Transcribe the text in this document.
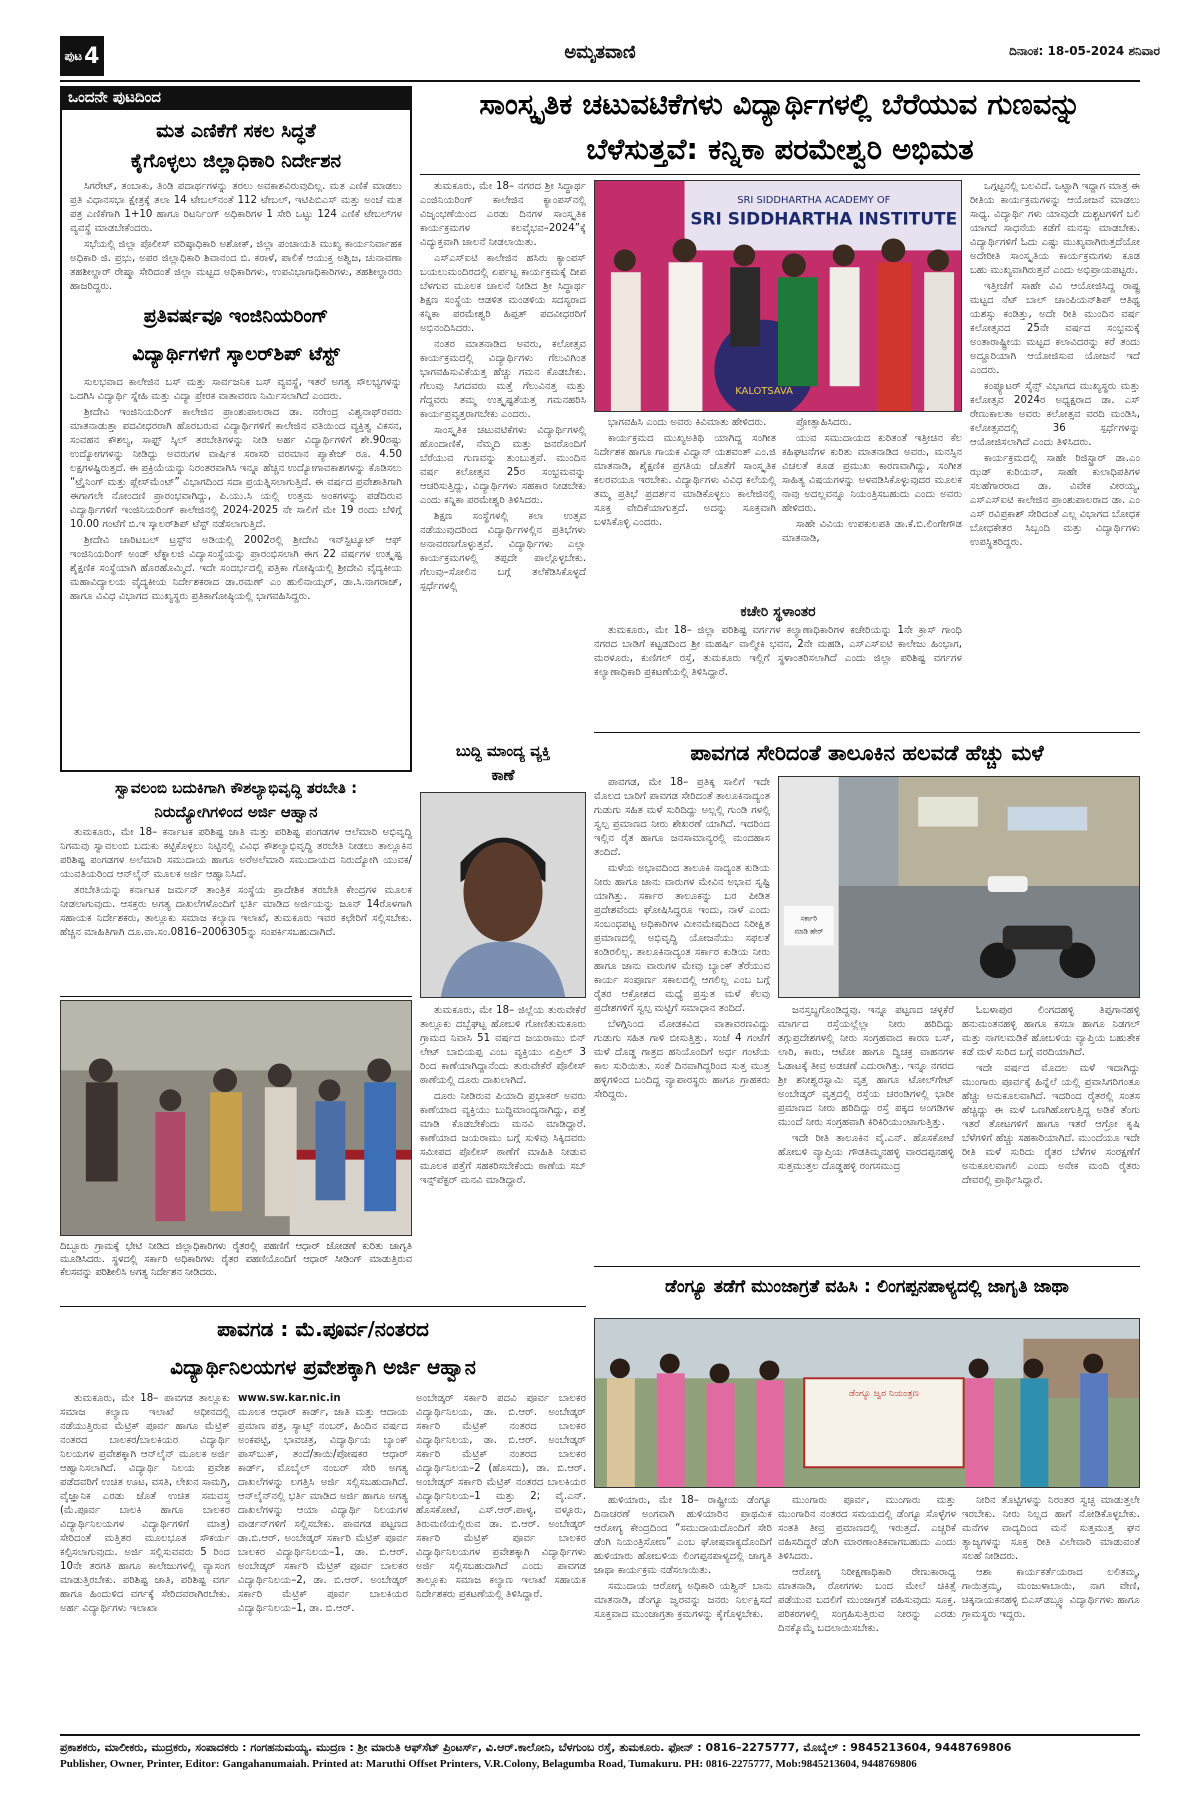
ಪುಟ 4	ಅಮೃತವಾಣಿ	ದಿನಾಂಕ: 18-05-2024 ಶನಿವಾರ
ಒಂದನೇ ಪುಟದಿಂದ
ಮತ ಎಣಿಕೆಗೆ ಸಕಲ ಸಿದ್ಧತೆ
ಕೈಗೊಳ್ಳಲು ಜಿಲ್ಲಾಧಿಕಾರಿ ನಿರ್ದೇಶನ

ಸಿಗರೇಟ್, ತಂಬಾಕು, ತಿಂಡಿ ಪದಾರ್ಥಗಳನ್ನು ತರಲು ಅವಕಾಶವಿರುವುದಿಲ್ಲ. ಮತ ಎಣಿಕೆ ಮಾಡಲು ಪ್ರತಿ ವಿಧಾನಸಭಾ ಕ್ಷೇತ್ರಕ್ಕೆ ತಲಾ 14 ಟೇಬಲ್‌ನಂತೆ 112 ಟೇಬಲ್, ಇಟಿಪಿಬಿಎಸ್ ಮತ್ತು ಅಂಚೆ ಮತ ಪತ್ರ ಎಣಿಕೆಗಾಗಿ 1+10 ಹಾಗೂ ರಿಟರ್ನಿಂಗ್ ಅಧಿಕಾರಿಗಳ 1 ಸೇರಿ ಒಟ್ಟು 124 ಎಣಿಕೆ ಟೇಬಲ್‌ಗಳ ವ್ಯವಸ್ಥೆ ಮಾಡಬೇಕೆಂದರು.

ಸಭೆಯಲ್ಲಿ ಜಿಲ್ಲಾ ಪೊಲೀಸ್ ವರಿಷ್ಠಾಧಿಕಾರಿ ಅಶೋಕ್, ಜಿಲ್ಲಾ ಪಂಚಾಯತಿ ಮುಖ್ಯ ಕಾರ್ಯನಿರ್ವಾಹಕ ಅಧಿಕಾರಿ ಜಿ. ಪ್ರಭು, ಅಪರ ಜಿಲ್ಲಾಧಿಕಾರಿ ಶಿವಾನಂದ ಬಿ. ಕರಾಳೆ, ಪಾಲಿಕೆ ಆಯುಕ್ತ ಅಶ್ವಿಜ, ಚುನಾವಣಾ ತಹಶೀಲ್ದಾರ್ ರೇಷ್ಮಾ ಸೇರಿದಂತೆ ಜಿಲ್ಲಾ ಮಟ್ಟದ ಅಧಿಕಾರಿಗಳು, ಉಪವಿಭಾಗಾಧಿಕಾರಿಗಳು, ತಹಶೀಲ್ದಾರರು ಹಾಜರಿದ್ದರು.

ಪ್ರತಿವರ್ಷವೂ ಇಂಜಿನಿಯರಿಂಗ್
ವಿದ್ಯಾರ್ಥಿಗಳಿಗೆ ಸ್ಕಾಲರ್‌ಶಿಪ್ ಟೆಸ್ಟ್

ಸುಲಭವಾದ ಕಾಲೇಜಿನ ಬಸ್ ಮತ್ತು ಸಾರ್ವಜನಿಕ ಬಸ್ ವ್ಯವಸ್ಥೆ, ಇತರೆ ಅಗತ್ಯ ಸೌಲಭ್ಯಗಳನ್ನು ಒದಗಿಸಿ ವಿದ್ಯಾರ್ಥಿ ಸ್ನೇಹಿ ಮತ್ತು ವಿದ್ಯಾ ಪ್ರೇರಕ ವಾತಾವರಣ ನಿರ್ಮಿಸಲಾಗಿದೆ ಎಂದರು.

ಶ್ರೀದೇವಿ ಇಂಜಿನಿಯರಿಂಗ್ ಕಾಲೇಜಿನ ಪ್ರಾಂಶುಪಾಲರಾದ ಡಾ. ನರೇಂದ್ರ ವಿಶ್ವನಾಥ್‌ರವರು ಮಾತನಾಡುತ್ತಾ ಪದವೀಧರರಾಗಿ ಹೊರಬರುವ ವಿದ್ಯಾರ್ಥಿಗಳಿಗೆ ಕಾಲೇಜಿನ ವತಿಯಿಂದ ವ್ಯಕ್ತಿತ್ವ ವಿಕಸನ, ಸಂವಹನ ಕೌಶಲ್ಯ, ಸಾಫ್ಟ್ ಸ್ಕಿಲ್ ತರಬೇತಿಗಳನ್ನು ನೀಡಿ ಅರ್ಹ ವಿದ್ಯಾರ್ಥಿಗಳಿಗೆ ಶೇ.90ರಷ್ಟು ಉದ್ಯೋಗಗಳನ್ನು ನೀಡಿದ್ದು ಅವರುಗಳ ವಾರ್ಷಿಕ ಸರಾಸರಿ ವರಮಾನ ಪ್ಯಾಕೇಜ್ ರೂ. 4.50 ಲಕ್ಷಗಳಷ್ಟಿರುತ್ತದೆ. ಈ ಪ್ರಕ್ರಿಯೆಯನ್ನು ನಿರಂತರವಾಗಿಸಿ ಇನ್ನೂ ಹೆಚ್ಚಿನ ಉದ್ಯೋಗಾವಕಾಶಗಳನ್ನು ಕೊಡಿಸಲು “ಟ್ರೈನಿಂಗ್ ಮತ್ತು ಪ್ಲೇಸ್‌ಮೆಂಟ್” ವಿಭಾಗದಿಂದ ಸದಾ ಪ್ರಯತ್ನಿಸಲಾಗುತ್ತಿದೆ. ಈ ವರ್ಷದ ಪ್ರವೇಶಾತಿಗಾಗಿ ಈಗಾಗಲೇ ನೋಂದಣಿ ಪ್ರಾರಂಭವಾಗಿದ್ದು, ಪಿ.ಯು.ಸಿ ಯಲ್ಲಿ ಉತ್ತಮ ಅಂಕಗಳನ್ನು ಪಡೆದಿರುವ ವಿದ್ಯಾರ್ಥಿಗಳಿಗೆ ಇಂಜಿನಿಯರಿಂಗ್ ಕಾಲೇಜಿನಲ್ಲಿ 2024-2025 ನೇ ಸಾಲಿಗೆ ಮೇ 19 ರಂದು ಬೆಳಿಗ್ಗೆ 10.00 ಗಂಟೆಗೆ ಬಿ.ಇ ಸ್ಕಾಲರ್‌ಶಿಪ್ ಟೆಸ್ಟ್ ನಡೆಸಲಾಗುತ್ತಿದೆ.

ಶ್ರೀದೇವಿ ಚಾರಿಟಬಲ್ ಟ್ರಸ್ಟ್‌ನ ಅಡಿಯಲ್ಲಿ 2002ರಲ್ಲಿ ಶ್ರೀದೇವಿ ಇನ್‌ಸ್ಟಿಟ್ಯೂಟ್ ಆಫ್ ಇಂಜಿನಿಯರಿಂಗ್ ಅಂಡ್ ಟೆಕ್ನಾಲಜಿ ವಿದ್ಯಾಸಂಸ್ಥೆಯನ್ನು ಪ್ರಾರಂಭಿಸಲಾಗಿ ಈಗ 22 ವರ್ಷಗಳ ಉತ್ಕೃಷ್ಟ ಶೈಕ್ಷಣಿಕ ಸಂಸ್ಥೆಯಾಗಿ ಹೊರಹೊಮ್ಮಿದೆ. ಇದೇ ಸಂದರ್ಭದಲ್ಲಿ ಪತ್ರಿಕಾ ಗೋಷ್ಠಿಯಲ್ಲಿ ಶ್ರೀದೇವಿ ವೈದ್ಯಕೀಯ ಮಹಾವಿದ್ಯಾಲಯ ವೈದ್ಯಕೀಯ ನಿರ್ದೇಶಕರಾದ ಡಾ.ರಮಣ್ ಎಂ ಹುಲಿನಾಯ್ಕರ್, ಡಾ.ಸಿ.ನಾಗರಾಜ್, ಹಾಗೂ ವಿವಿಧ ವಿಭಾಗದ ಮುಖ್ಯಸ್ಥರು ಪ್ರತಿಕಾಗೋಷ್ಠಿಯಲ್ಲಿ ಭಾಗವಹಿಸಿದ್ದರು.

ಸ್ವಾವಲಂಬಿ ಬದುಕಿಗಾಗಿ ಕೌಶಲ್ಯಾಭಿವೃದ್ಧಿ ತರಬೇತಿ :
ನಿರುದ್ಯೋಗಿಗಳಿಂದ ಅರ್ಜಿ ಆಹ್ವಾನ

ತುಮಕೂರು, ಮೇ 18– ಕರ್ನಾಟಕ ಪರಿಶಿಷ್ಟ ಜಾತಿ ಮತ್ತು ಪರಿಶಿಷ್ಟ ಪಂಗಡಗಳ ಆಲೆಮಾರಿ ಅಭಿವೃದ್ಧಿ ನಿಗಮವು ಸ್ವಾವಲಂಬಿ ಬದುಕು ಕಟ್ಟಿಕೊಳ್ಳಲು ನಿಟ್ಟಿನಲ್ಲಿ ವಿವಿಧ ಕೌಶಲ್ಯಾಭಿವೃದ್ಧಿ ತರಬೇತಿ ನೀಡಲು ತಾಲ್ಲೂಕಿನ ಪರಿಶಿಷ್ಟ ಪಂಗಡಗಳ ಅಲೆಮಾರಿ ಸಮುದಾಯ ಹಾಗೂ ಅರೆಅಲೆಮಾರಿ ಸಮುದಾಯದ ನಿರುದ್ಯೋಗಿ ಯುವಕ/ಯುವತಿಯರಿಂದ ಆನ್‌ಲೈನ್ ಮೂಲಕ ಅರ್ಜಿ ಆಹ್ವಾನಿಸಿದೆ.

ತರಬೇತಿಯನ್ನು ಕರ್ನಾಟಕ ಜರ್ಮನ್ ತಾಂತ್ರಿಕ ಸಂಸ್ಥೆಯ ಪ್ರಾದೇಶಿಕ ತರಬೇತಿ ಕೇಂದ್ರಗಳ ಮೂಲಕ ನೀಡಲಾಗುವುದು. ಆಸಕ್ತರು ಅಗತ್ಯ ದಾಖಲೆಗಳೊಂದಿಗೆ ಭರ್ತಿ ಮಾಡಿದ ಅರ್ಜಿಯನ್ನು ಜೂನ್ 14ರೊಳಗಾಗಿ ಸಹಾಯಕ ನಿರ್ದೇಶಕರು, ತಾಲ್ಲೂಕು ಸಮಾಜ ಕಲ್ಯಾಣ ಇಲಾಖೆ, ತುಮಕೂರು ಇವರ ಕಛೇರಿಗೆ ಸಲ್ಲಿಸಬೇಕು. ಹೆಚ್ಚಿನ ಮಾಹಿತಿಗಾಗಿ ದೂ.ವಾ.ಸಂ.0816–2006305ನ್ನು ಸಂಪರ್ಕಿಸಬಹುದಾಗಿದೆ.

ದಿಬ್ಬೂರು ಗ್ರಾಮಕ್ಕೆ ಭೇಟಿ ನೀಡಿದ ಜಿಲ್ಲಾಧಿಕಾರಿಗಳು ರೈತರಲ್ಲಿ ಪಹಣಿಗೆ ಆಧಾರ್ ಜೋಡಣೆ ಕುರಿತು ಜಾಗೃತಿ ಮೂಡಿಸಿದರು. ಸ್ಥಳದಲ್ಲಿ ಸರ್ಕಾರಿ ಅಧಿಕಾರಿಗಳು ರೈತರ ಪಹಣಿಯೊಂದಿಗೆ ಆಧಾರ್ ಸೀಡಿಂಗ್ ಮಾಡುತ್ತಿರುವ ಕೆಲಸವನ್ನು ಪರಿಶೀಲಿಸಿ ಅಗತ್ಯ ನಿರ್ದೇಶನ ನೀಡಿದರು.
ಸಾಂಸ್ಕೃತಿಕ ಚಟುವಟಿಕೆಗಳು ವಿದ್ಯಾರ್ಥಿಗಳಲ್ಲಿ ಬೆರೆಯುವ ಗುಣವನ್ನು ಬೆಳೆಸುತ್ತವೆ: ಕನ್ನಿಕಾ ಪರಮೇಶ್ವರಿ ಅಭಿಮತ

ತುಮಕೂರು, ಮೇ 18– ನಗರದ ಶ್ರೀ ಸಿದ್ಧಾರ್ಥ ಎಂಜಿನಿಯರಿಂಗ್ ಕಾಲೇಜಿನ ಕ್ಯಾಂಪಸ್‌ನಲ್ಲಿ ವಿಜೃಂಭಣೆಯಿಂದ ಎರಡು ದಿನಗಳ ಸಾಂಸ್ಕೃತಿಕ ಕಾರ್ಯಕ್ರಮಗಳ ಕಲವೈಭವ–2024”ಕ್ಕೆ ವಿದ್ಯುಕ್ತವಾಗಿ ಚಾಲನೆ ನೀಡಲಾಯಿತು.

ಎಸ್‌ಎಸ್‌ಐಟಿ ಕಾಲೇಜಿನ ಹಸಿರು ಕ್ಯಾಂಪಸ್ ಬಯಲುಮಂದಿರದಲ್ಲಿ ಏರ್ಪಟ್ಟ ಕಾರ್ಯಕ್ರಮಕ್ಕೆ ದೀಪ ಬೆಳಗುವ ಮೂಲಕ ಚಾಲನೆ ನೀಡಿದ ಶ್ರೀ ಸಿದ್ಧಾರ್ಥ ಶಿಕ್ಷಣ ಸಂಸ್ಥೆಯ ಆಡಳಿತ ಮಂಡಳಿಯ ಸದಸ್ಯರಾದ ಕನ್ನಿಕಾ ಪರಮೇಶ್ವರಿ ಹಿಪ್ಪತ್ ಪದವೀಧರರಿಗೆ ಅಭಿನಂದಿಸಿದರು.

ನಂತರ ಮಾತನಾಡಿದ ಅವರು, ಕಲೋತ್ಸವ ಕಾರ್ಯಕ್ರಮದಲ್ಲಿ ವಿದ್ಯಾರ್ಥಿಗಳು ಗೆಲುವಿಗಿಂತ ಭಾಗವಹಿಸುವಿಕೆಯತ್ತ ಹೆಚ್ಚು ಗಮನ ಕೊಡಬೇಕು. ಗೆಲುವು ಸಿಗದವರು ಮತ್ತೆ ಗೆಲುವಿನತ್ತ ಮತ್ತು ಗೆದ್ದವರು ತಮ್ಮ ಉತ್ಕೃಷ್ಟತೆಯತ್ತ ಗಮನಹರಿಸಿ ಕಾರ್ಯಪ್ರವೃತ್ತರಾಗಬೇಕು ಎಂದರು.

ಸಾಂಸ್ಕೃತಿಕ ಚಟುವಟಿಕೆಗಳು ವಿದ್ಯಾರ್ಥಿಗಳಲ್ಲಿ ಹೊಂದಾಣಿಕೆ, ನೆಮ್ಮದಿ ಮತ್ತು ಜನರೊಂದಿಗೆ ಬೆರೆಯುವ ಗುಣವನ್ನು ತುಂಬುತ್ತವೆ. ಮುಂದಿನ ವರ್ಷ ಕಲೋತ್ಸವ 25ರ ಸಂಭ್ರಮವನ್ನು ಆಚರಿಸುತ್ತಿದ್ದು, ವಿದ್ಯಾರ್ಥಿಗಳು ಸಹಕಾರ ನೀಡಬೇಕು ಎಂದು ಕನ್ನಿಕಾ ಪರಮೇಶ್ವರಿ ತಿಳಿಸಿದರು.

ಶಿಕ್ಷಣ ಸಂಸ್ಥೆಗಳಲ್ಲಿ ಕಲಾ ಉತ್ಸವ ನಡೆಯುವುದರಿಂದ ವಿದ್ಯಾರ್ಥಿಗಳಲ್ಲಿನ ಪ್ರತಿಭೆಗಳು ಅನಾವರಣಗೊಳ್ಳುತ್ತವೆ. ವಿದ್ಯಾರ್ಥಿಗಳು ಎಲ್ಲಾ ಕಾರ್ಯಕ್ರಮಗಳಲ್ಲಿ ತಪ್ಪದೇ ಪಾಲ್ಗೊಳ್ಳಬೇಕು. ಗೆಲುವು–ಸೋಲಿನ ಬಗ್ಗೆ ತಲೆಕೆಡಿಸಿಕೊಳ್ಳದೆ ಸ್ಪರ್ಧೆಗಳಲ್ಲಿ

SRI SIDDHARTHA ACADEMY OF
SRI SIDDHARTHA INSTITUTE
KALOTSAVA

ಭಾಗವಹಿಸಿ ಎಂದು ಅವರು ಕಿವಿಮಾತು ಹೇಳಿದರು.

ಕಾರ್ಯಕ್ರಮದ ಮುಖ್ಯಅತಿಥಿ ಯಾಗಿದ್ದ ಸಂಗೀತ ನಿರ್ದೇಶಕ ಹಾಗೂ ಗಾಯಕ ವಿದ್ವಾನ್ ಯಶವಂತ್ ಎಂ.ಜಿ ಮಾತನಾಡಿ, ಶೈಕ್ಷಣಿಕ ಪ್ರಗತಿಯ ಜೊತೆಗೆ ಸಾಂಸ್ಕೃತಿಕ ಕಲರವಯೂ ಇರಬೇಕು. ವಿದ್ಯಾರ್ಥಿಗಳು ವಿವಿಧ ಕಲೆಯಲ್ಲಿ ತಮ್ಮ ಪ್ರತಿಭೆ ಪ್ರದರ್ಶನ ಮಾಡಿಕೊಳ್ಳಲು ಕಾಲೇಜಿನಲ್ಲಿ ಸೂಕ್ತ ವೇದಿಕೆಯಾಗುತ್ತದೆ. ಅದನ್ನು ಸೂಕ್ತವಾಗಿ ಬಳಸಿಕೊಳ್ಳಿ ಎಂದರು.

ಪ್ರೋತ್ಸಾಹಿಸಿದರು.

ಯುವ ಸಮುದಾಯದ ಕುರಿತಂತೆ ಇತ್ತೀಚಿನ ಕೆಲ ಕಹಿಘಟನೆಗಳ ಕುರಿತು ಮಾತನಾಡಿದ ಅವರು, ಮನಸ್ಸಿನ ವಿಚಲತೆ ಕೂಡ ಪ್ರಮುಖ ಕಾರಣವಾಗಿದ್ದು, ಸಂಗೀತ ಸಾಹಿತ್ಯ ವಿಷಯಗಳನ್ನು ಅಳವಡಿಸಿಕೊಳ್ಳುವುದರ ಮೂಲಕ ನಾವು ಅದಲ್ಲವನ್ನೂ ನಿಯಂತ್ರಿಸಬಹುದು ಎಂದು ಅವರು ಹೇಳಿದರು.

ಸಾಹೇ ವಿವಿಯ ಉಪಕುಲಪತಿ ಡಾ.ಕೆ.ಬಿ.ಲಿಂಗೇಗೌಡ ಮಾತನಾಡಿ,

ಒಗ್ಗಟ್ಟನಲ್ಲಿ ಬಲವಿದೆ. ಒಟ್ಟಾಗಿ ಇದ್ದಾಗ ಮಾತ್ರ ಈ ರೀತಿಯ ಕಾರ್ಯಕ್ರಮಗಳನ್ನು ಆಯೋಜನೆ ಮಾಡಲು ಸಾಧ್ಯ. ವಿದ್ಯಾರ್ಥಿ ಗಳು ಯಾವುದೇ ದುಶ್ಚಟಗಳಿಗೆ ಬಲಿ ಯಾಗದೆ ಸಾಧನೆಯ ಕಡೆಗೆ ಮನಸ್ಸು ಮಾಡಬೇಕು. ವಿದ್ಯಾರ್ಥಿಗಳಿಗೆ ಓದು ಎಷ್ಟು ಮುಖ್ಯವಾಗಿರುತ್ತದೆಯೋ ಅದೇರೀತಿ ಸಾಂಸ್ಕೃತಿಯ ಕಾರ್ಯಕ್ರಮಗಳು ಕೂಡ ಬಹು ಮುಖ್ಯವಾಗಿರುತ್ತವೆ ಎಂದು ಅಭಿಪ್ರಾಯಪಟ್ಟರು.

ಇತ್ತೀಚೆಗೆ ಸಾಹೇ ವಿವಿ ಆಯೋಜಿಸಿದ್ದ ರಾಷ್ಟ್ರ ಮಟ್ಟದ ನೆಟ್ ಬಾಲ್ ಚಾಂಪಿಯನ್‌ಶಿಪ್ ಆತಿಥ್ಯ ಯಶಸ್ಸು ಕಂಡಿತ್ತು, ಅದೇ ರೀತಿ ಮುಂದಿನ ವರ್ಷ ಕಲೋತ್ಸವದ 25ನೇ ವರ್ಷದ ಸಂಭ್ರಮಕ್ಕೆ ಅಂತಾರಾಷ್ಟ್ರೀಯ ಮಟ್ಟದ ಕಲಾವಿದರನ್ನು ಕರೆ ತಂದು ಅದ್ದೂರಿಯಾಗಿ ಆಯೋಜಿಸುವ ಯೋಜನೆ ಇದೆ ಎಂದರು.

ಕಂಪ್ಯೂಟರ್ ಸೈನ್ಸ್ ವಿಭಾಗದ ಮುಖ್ಯಸ್ಥರು ಮತ್ತು ಕಲೋತ್ಸವ 2024ರ ಅಧ್ಯಕ್ಷರಾದ ಡಾ. ಎಸ್ ರೇಣುಕಾಲತಾ ಅವರು ಕಲೋತ್ಸವ ವರದಿ ಮಂಡಿಸಿ, ಕಲೋತ್ಸವದಲ್ಲಿ 36 ಸ್ಪರ್ಧೆಗಳನ್ನು ಆಯೋಜಿಸಲಾಗಿದೆ ಎಂದು ತಿಳಿಸಿದರು.

ಕಾರ್ಯಕ್ರಮದಲ್ಲಿ ಸಾಹೇ ರಿಜಿಸ್ಟ್ರಾರ್ ಡಾ.ಎಂ ಝಡ್ ಕುರಿಯನ್, ಸಾಹೇ ಕುಲಾಧಿಪತಿಗಳ ಸಲಹೆಗಾರರಾದ ಡಾ. ವಿವೇಕ ವೀರಯ್ಯ, ಎಸ್‌ಎಸ್‌ಐಟಿ ಕಾಲೇಜಿನ ಪ್ರಾಂಶುಪಾಲರಾದ ಡಾ. ಎಂ ಎಸ್ ರವಿಪ್ರಕಾಶ್ ಸೇರಿದಂತೆ ಎಲ್ಲ ವಿಭಾಗದ ಬೋಧಕ ಬೋಧಕೇತರ ಸಿಬ್ಬಂದಿ ಮತ್ತು ವಿದ್ಯಾರ್ಥಿಗಳು ಉಪಸ್ಥಿತರಿದ್ದರು.

ಕಚೇರಿ ಸ್ಥಳಾಂತರ
ತುಮಕೂರು, ಮೇ 18– ಜಿಲ್ಲಾ ಪರಿಶಿಷ್ಟ ವರ್ಗಗಳ ಕಲ್ಯಾಣಾಧಿಕಾರಿಗಳ ಕಚೇರಿಯನ್ನು 1ನೇ ಕ್ರಾಸ್ ಗಾಂಧಿ ನಗರದ ಬಾಡಿಗೆ ಕಟ್ಟಡದಿಂದ ಶ್ರೀ ಮಹರ್ಷಿ ವಾಲ್ಮೀಕಿ ಭವನ, 2ನೇ ಮಹಡಿ, ಎಸ್‌ಎಸ್‌ಐಟಿ ಕಾಲೇಜು ಹಿಂಭಾಗ, ಮರಳೂರು, ಕುಣಿಗಲ್ ರಸ್ತೆ, ತುಮಕೂರು ಇಲ್ಲಿಗೆ ಸ್ಥಳಾಂತರಿಸಲಾಗಿದೆ ಎಂದು ಜಿಲ್ಲಾ ಪರಿಶಿಷ್ಟ ವರ್ಗಗಳ ಕಲ್ಯಾಣಾಧಿಕಾರಿ ಪ್ರಕಟಣೆಯಲ್ಲಿ ತಿಳಿಸಿದ್ದಾರೆ.
ಬುದ್ಧಿ ಮಾಂದ್ಯ ವ್ಯಕ್ತಿ
ಕಾಣೆ

ತುಮಕೂರು, ಮೇ 18– ಜಿಲ್ಲೆಯ ತುರುವೇಕೆರೆ ತಾಲ್ಲೂಕು ದಬ್ಬೆಘಟ್ಟ ಹೋಬಳಿ ಗೋಣಿತುಮಕೂರು ಗ್ರಾಮದ ನಿವಾಸಿ 51 ವರ್ಷದ ಜಯರಾಮು ಬಿನ್ ಲೇಟ್ ಬಾಬಿಯಪ್ಪ ಎಂಬ ವ್ಯಕ್ತಿಯು ಏಪ್ರಿಲ್ 3 ರಿಂದ ಕಾಣೆಯಾಗಿದ್ದಾನೆಂದು ತುರುವೇಕೆರೆ ಪೊಲೀಸ್ ಠಾಣೆಯಲ್ಲಿ ದೂರು ದಾಖಲಾಗಿದೆ.

ದೂರು ನೀಡಿರುವ ಪಿಯಾದಿ ಪ್ರಭಾಕರ್ ಅವರು ಕಾಣೆಯಾದ ವ್ಯಕ್ತಿಯು ಬುದ್ಧಿಮಾಂದ್ಯನಾಗಿದ್ದು, ಪತ್ತೆ ಮಾಡಿ ಕೊಡಬೇಕೆಂದು ಮನವಿ ಮಾಡಿದ್ದಾರೆ. ಕಾಣೆಯಾದ ಜಯರಾಮು ಬಗ್ಗೆ ಸುಳಿವು ಸಿಕ್ಕಿದವರು ಸಮೀಪದ ಪೊಲೀಸ್ ಠಾಣೆಗೆ ಮಾಹಿತಿ ನೀಡುವ ಮೂಲಕ ಪತ್ತೆಗೆ ಸಹಕರಿಸಬೇಕೆಂದು ಠಾಣೆಯ ಸಬ್ ಇನ್ಸ್‌ಪೆಕ್ಟರ್ ಮನವಿ ಮಾಡಿದ್ದಾರೆ.

ಪಾವಗಡ ಸೇರಿದಂತೆ ತಾಲೂಕಿನ ಹಲವಡೆ ಹೆಚ್ಚು ಮಳೆ

ಪಾವಗಡ, ಮೇ 18– ಪ್ರತಿಕ್ಕ ಸಾಲಿಗೆ ಇದೇ ಮೊಲದ ಬಾರಿಗೆ ಪಾವಗಡ ಸೇರಿದಂತೆ ತಾಲೂಕಿನಾದ್ಯಂತ ಗುಡುಗು ಸಹಿತ ಮಳೆ ಸುರಿದಿದ್ದು ಅಲ್ಲಲ್ಲಿ ಗುಂಡಿ ಗಳಲ್ಲಿ ಸ್ವಲ್ಪ ಪ್ರಮಾಣದ ನೀರು ಶೇಖರಣೆ ಯಾಗಿದೆ. ಇದರಿಂದ ಇಲ್ಲಿನ ರೈತ ಹಾಗೂ ಜನಸಾಮಾನ್ಯರಲ್ಲಿ ಮಂದಹಾಸ ತಂದಿದೆ.

ಮಳೆಯ ಅಭಾವದಿಂದ ತಾಲೂಕಿ ನಾದ್ಯಂತ ಕುಡಿಯ ನೀರು ಹಾಗೂ ಜಾನು ವಾರುಗಳ ಮೇವಿನ ಅಭಾವ ಸೃಷ್ಟಿ ಯಾಗಿತ್ತು. ಸರ್ಕಾರ ತಾಲೂಕನ್ನು ಬರ ಪೀಡಿತ ಪ್ರದೇಶವೆಂದು ಘೋಷಿಸಿದ್ದರೂ ಇಂದು, ನಾಳೆ ಎಂದು ಸಂಬಂಧಪಟ್ಟ ಅಧಿಕಾರಿಗಳ ಮೀನಮೇಷದಿಂದ ನಿರೀಕ್ಷಿತ ಪ್ರಮಾಣದಲ್ಲಿ ಅಭಿವೃದ್ಧಿ ಯೋಜನೆಯು ಸಫಲತೆ ಕಂಡಿರಲಿಲ್ಲ. ತಾಲೂಕಿನಾದ್ಯಂತ ಸರ್ಕಾರ ಕುಡಿಯ ನೀರು ಹಾಗೂ ಜಾನು ವಾರುಗಳ ಮೇವು ಬ್ಯಾಂಕ್ ತೆರೆಯುವ ಕಾರ್ಯ ಸಂಪೂರ್ಣ ಸಕಾಲದಲ್ಲಿ ಆಗಲಿಲ್ಲ ಎಂಬ ಬಗ್ಗೆ ರೈತರ ಆಕ್ರೋಶದ ಮಧ್ಯೆ ಪ್ರಸ್ತುತ ಮಳೆ ಕೆಲವು ಪ್ರದೇಶಗಳಿಗೆ ಸ್ವಲ್ಪ ಮಟ್ಟಿಗೆ ಸಮಾಧಾನ ತಂದಿದೆ.

ಬೆಳಗ್ಗಿನಿಂದ ಮೋಡಕವಿದ ವಾತಾವರಣವಿದ್ದು ಗುಡುಗು ಸಹಿತ ಗಾಳಿ ಬೀಸುತ್ತಿತ್ತು. ಸಂಜೆ 4 ಗಂಟೆಗೆ ಮಳೆ ದೊಡ್ಡ ಗಾತ್ರದ ಹನಿಯೊಂದಿಗೆ ಅರ್ಧ ಗಂಟೆಯ ಕಾಲ ಸುರಿಯಿತು. ಸಂತೆ ದಿನವಾಗಿದ್ದರಿಂದ ಸುತ್ತ ಮುತ್ತ ಹಳ್ಳಿಗಳಿಂದ ಬಂದಿದ್ದ ವ್ಯಾಪಾರಸ್ಥರು ಹಾಗೂ ಗ್ರಾಹಕರು ಸೇರಿದ್ದರು.

ಸರ್ಕಾರಿ
ಮಾಡಿ ಹೇರ್

ಜನಸ್ತಬ್ಧಗೊಂಡಿದ್ದವು. ಇನ್ನೂ ಪಟ್ಟಣದ ಚಳ್ಳಕೆರೆ ಮಾರ್ಗದ ರಸ್ತೆಯಲ್ಲೆಲ್ಲಾ ನೀರು ಹರಿದಿದ್ದು ತಗ್ಗುಪ್ರದೇಶಗಳಲ್ಲಿ ನೀರು ಸಂಗ್ರಹವಾದ ಕಾರಣ ಬಸ್, ಲಾರಿ, ಕಾರು, ಆಟೋ ಹಾಗೂ ದ್ವಿಚಕ್ರ ವಾಹನಗಳ ಓಡಾಟಕ್ಕೆ ತೀವ್ರ ಅಡಚಣೆ ಎದುರಾಗಿತ್ತು. ಇನ್ನೂ ನಗರದ ಶ್ರೀ ಶನೀಶ್ವರಸ್ವಾಮಿ ವೃತ್ತ ಹಾಗೂ ಟೋಲ್‌ಗೇಟ್ ಅಂಬೇಡ್ಕರ್ ವೃತ್ತದಲ್ಲಿ ರಸ್ತೆಯ ಚರಂಡಿಗಳಲ್ಲಿ ಭಾರೀ ಪ್ರಮಾಣದ ನೀರು ಹರಿದಿದ್ದು ರಸ್ತೆ ಪಕ್ಕದ ಅಂಗಡಿಗಳ ಮುಂದೆ ನೀರು ಸಂಗ್ರಹವಾಗಿ ಕಿರಿಕಿರಿಯುಂಟಾಗುತ್ತಿತ್ತು.

ಇದೇ ರೀತಿ ತಾಲೂಕಿನ ವೈ.ಎನ್. ಹೊಸಕೋಟೆ ಹೋಬಳಿ ವ್ಯಾಪ್ತಿಯ ಗೌಡತಿಮ್ಮನಹಳ್ಳಿ ವಾರದಪ್ಪನಹಳ್ಳಿ ಸುತ್ತಮುತ್ತಲ ದೊಡ್ಡಹಳ್ಳಿ ರಂಗಸಮುದ್ರ

ಓಬಳಾಪುರ ಲಿಂಗದಹಳ್ಳಿ ತಿಪ್ಪಗಾನಹಳ್ಳಿ ಹನುಮಂತನಹಳ್ಳಿ ಹಾಗೂ ಕಸಬಾ ಹಾಗೂ ನಿಡಗಲ್ ಮತ್ತು ನಾಗಲಮಡಿಕೆ ಹೋಬಳಿಯ ವ್ಯಾಪ್ತಿಯ ಬಹುತೇಕ ಕಡೆ ಮಳೆ ಸುರಿದ ಬಗ್ಗೆ ವರದಿಯಾಗಿದೆ.

ಇದೇ ವರ್ಷದ ಮೊದಲ ಮಳೆ ಇದಾಗಿದ್ದು ಮುಂಗಾರು ಪೂರ್ವಕ್ಕೆ ಹಿನ್ನೆಲೆ ಯಲ್ಲಿ ಪ್ರವಾಸಿಗರಿಗಂತೂ ಹೆಚ್ಚು ಅನುಕೂಲವಾಗಿದೆ. ಇದರಿಂದ ರೈತರಲ್ಲಿ ಸಂತಸ ಹೆಚ್ಚಿದ್ದು ಈ ಮಳೆ ಒಣಗಿಹೋಗುತ್ತಿದ್ದ ಅಡಿಕೆ ತೆಂಗು ಇತರೆ ತೋಟಗಳಿಗೆ ಹಾಗೂ ಇತರೆ ಆಗ್ರೋ ಕೃಷಿ ಬೆಳೆಗಳಿಗೆ ಹೆಚ್ಚು ಸಹಕಾರಿಯಾಗಿದೆ. ಮುಂದೆಯೂ ಇದೇ ರೀತಿ ಮಳೆ ಸುರಿದು ರೈತರ ಬೆಳೆಗಳ ಸಂರಕ್ಷಣೆಗೆ ಅನುಕೂಲವಾಗಲಿ ಎಂದು ಅನೇಕ ಮಂದಿ ರೈತರು ದೇವರಲ್ಲಿ ಪ್ರಾರ್ಥಿಸಿದ್ದಾರೆ.

ಡೆಂಗ್ಯೂ ತಡೆಗೆ ಮುಂಜಾಗ್ರತೆ ವಹಿಸಿ : ಲಿಂಗಪ್ಪನಪಾಳ್ಯದಲ್ಲಿ ಜಾಗೃತಿ ಜಾಥಾ
ಡೆಂಗ್ಯೂ ಜ್ವರ ನಿಯಂತ್ರಣ

ಹುಳಿಯಾರು, ಮೇ 18– ರಾಷ್ಟ್ರೀಯ ಡೆಂಗ್ಯೂ ದಿನಾಚರಣೆ ಅಂಗವಾಗಿ ಹುಳಿಯಾರಿನ ಪ್ರಾಥಮಿಕ ಆರೋಗ್ಯ ಕೇಂದ್ರದಿಂದ “ಸಮುದಾಯದೊಂದಿಗೆ ಸೇರಿ ಡೆಂಗಿ ನಿಯಂತ್ರಿಸೋಣ” ಎಂಬ ಘೋಷವಾಕ್ಯದೊಂದಿಗೆ ಹುಳಿಯಾರು ಹೋಬಳಿಯ ಲಿಂಗಪ್ಪನಪಾಳ್ಯದಲ್ಲಿ ಜಾಗೃತಿ ಜಾಥಾ ಕಾರ್ಯಕ್ರಮ ನಡೆಸಲಾಯಿತು.

ಸಮುದಾಯ ಆರೋಗ್ಯ ಅಧಿಕಾರಿ ಯಶ್ವಿನ್ ಬಾನು ಮಾತನಾಡಿ, ಡೆಂಗ್ಯೂ ಜ್ವರವನ್ನು ಜನರು ನಿರ್ಲಕ್ಷಿಸದೆ ಸೂಕ್ತವಾದ ಮುಂಜಾಗ್ರತಾ ಕ್ರಮಗಳನ್ನು ಕೈಗೊಳ್ಳಬೇಕು.

ಮುಂಗಾರು ಪೂರ್ವ, ಮುಂಗಾರು ಮತ್ತು ಮುಂಗಾರಿನ ನಂತರದ ಸಮಯದಲ್ಲಿ ಡೆಂಗ್ಯೂ ಸೊಳ್ಳೆಗಳ ಸಂತತಿ ತೀವ್ರ ಪ್ರಮಾಣದಲ್ಲಿ ಇರುತ್ತದೆ. ಎಚ್ಚರಿಕೆ ವಹಿಸದಿದ್ದರೆ ಡೆಂಗಿ ಮಾರಣಾಂತಿಕವಾಗಬಹುದು ಎಂದು ತಿಳಿಸಿದರು.

ಆರೋಗ್ಯ ನಿರೀಕ್ಷಣಾಧಿಕಾರಿ ರೇಣುಕಾರಾಧ್ಯ ಮಾತನಾಡಿ, ರೋಗಗಳು ಬಂದ ಮೇಲೆ ಚಿಕಿತ್ಸೆ ಪಡೆಯುವ ಬದಲಿಗೆ ಮುಂಜಾಗ್ರತೆ ವಹಿಸುವುದು ಸೂಕ್ತ. ಪರಿಕರಗಳಲ್ಲಿ ಸಂಗ್ರಹಿಸುತ್ತಿರುವ ನೀರನ್ನು ಎರಡು ದಿನಕ್ಕೊಮ್ಮೆ ಬದಲಾಯಿಸಬೇಕು.

ನೀರಿನ ತೊಟ್ಟಿಗಳನ್ನು ನಿರಂತರ ಸ್ವಚ್ಛ ಮಾಡುತ್ತಲೇ ಇರಬೇಕು. ನೀರು ನಿಲ್ಲದ ಹಾಗೆ ನೋಡಿಕೊಳ್ಳಬೇಕು. ಮನೆಗಳ ವಾದ್ಯದಿಂದ ಮನೆ ಸುತ್ತಮುತ್ತ ಘನ ತ್ಯಾಜ್ಯಗಳನ್ನು ಸೂಕ್ತ ರೀತಿ ವಿಲೇವಾರಿ ಮಾಡುವಂತೆ ಸಲಹೆ ನೀಡಿದರು.

ಆಶಾ ಕಾರ್ಯಕರ್ತೆಯರಾದ ಲಲಿತಮ್ಮ, ಗಾಯಿತ್ರಮ್ಮ, ಮಂಜುಳಾಬಾಯಿ, ನಾಗ ವೇಣಿ, ಚಿಕ್ಕನಾಯಕನಹಳ್ಳಿ ಬಿಎಸ್‌ಡಬ್ಲ್ಯೂ ವಿದ್ಯಾರ್ಥಿಗಳು ಹಾಗೂ ಗ್ರಾಮಸ್ಥರು ಇದ್ದರು.

ಪಾವಗಡ : ಮೆ.ಪೂರ್ವ/ನಂತರದ
ವಿದ್ಯಾರ್ಥಿನಿಲಯಗಳ ಪ್ರವೇಶಕ್ಕಾಗಿ ಅರ್ಜಿ ಆಹ್ವಾನ
ತುಮಕೂರು, ಮೇ 18– ಪಾವಗಡ ತಾಲ್ಲೂಕು ಸಮಾಜ ಕಲ್ಯಾಣ ಇಲಾಖೆ ಅಧೀನದಲ್ಲಿ ನಡೆಯುತ್ತಿರುವ ಮೆಟ್ರಿಕ್ ಪೂರ್ವ ಹಾಗೂ ಮೆಟ್ರಿಕ್ ನಂತರದ ಬಾಲಕರ/ಬಾಲಕಿಯರ ವಿದ್ಯಾರ್ಥಿ ನಿಲಯಗಳ ಪ್ರವೇಶಕ್ಕಾಗಿ ಆನ್‌ಲೈನ್ ಮೂಲಕ ಅರ್ಜಿ ಆಹ್ವಾನಿಸಲಾಗಿದೆ. ವಿದ್ಯಾರ್ಥಿ ನಿಲಯ ಪ್ರವೇಶ ಪಡೆದವರಿಗೆ ಉಚಿತ ಊಟ, ವಸತಿ, ಲೇಖನ ಸಾಮಗ್ರಿ, ವೈಜ್ಞಾನಿಕ ಎರಡು ಜೊತೆ ಉಚಿತ ಸಮವಸ್ತ್ರ (ಮೆ.ಪೂರ್ವ ಬಾಲಕಿ ಹಾಗೂ ಬಾಲಕರ ವಿದ್ಯಾರ್ಥಿನಿಲಯಗಳ ವಿದ್ಯಾರ್ಥಿಗಳಿಗೆ ಮಾತ್ರ) ಸೇರಿದಂತೆ ಮತ್ತಿತರ ಮೂಲಭೂತ ಸೌಕರ್ಯ ಕಲ್ಪಿಸಲಾಗುವುದು. ಅರ್ಜಿ ಸಲ್ಲಿಸುವವರು 5 ರಿಂದ 10ನೇ ತರಗತಿ ಹಾಗೂ ಕಾಲೇಜುಗಳಲ್ಲಿ ವ್ಯಾಸಂಗ ಮಾಡುತ್ತಿರಬೇಕು. ಪರಿಶಿಷ್ಟ ಜಾತಿ, ಪರಿಶಿಷ್ಟ ವರ್ಗ ಹಾಗೂ ಹಿಂದುಳಿದ ವರ್ಗಕ್ಕೆ ಸೇರಿದವರಾಗಿರಬೇಕು. ಅರ್ಹ ವಿದ್ಯಾರ್ಥಿಗಳು ಇಲಾಖಾ
www.sw.kar.nic.in
ಮೂಲಕ ಆಧಾರ್ ಕಾರ್ಡ್, ಜಾತಿ ಮತ್ತು ಆದಾಯ ಪ್ರಮಾಣ ಪತ್ರ, ಸ್ಯಾಟ್ಸ್ ನಂಬರ್, ಹಿಂದಿನ ವರ್ಷದ ಅಂಕಪಟ್ಟಿ, ಭಾವಚಿತ್ರ, ವಿದ್ಯಾರ್ಥಿಯ ಬ್ಯಾಂಕ್ ಪಾಸ್‌ಬುಕ್, ತಂದೆ/ತಾಯಿ/ಪೋಷಕರ ಆಧಾರ್ ಕಾರ್ಡ್, ಮೊಬೈಲ್ ನಂಬರ್ ಸೇರಿ ಅಗತ್ಯ ದಾಖಲೆಗಳನ್ನು ಲಗತ್ತಿಸಿ ಅರ್ಜಿ ಸಲ್ಲಿಸಬಹುದಾಗಿದೆ. ಆನ್‌ಲೈನ್‌ನಲ್ಲಿ ಭರ್ತಿ ಮಾಡಿದ ಅರ್ಜಿ ಹಾಗೂ ಅಗತ್ಯ ದಾಖಲೆಗಳನ್ನು ಆಯಾ ವಿದ್ಯಾರ್ಥಿ ನಿಲಯಗಳ ವಾರ್ಡನ್‌ಗಳಿಗೆ ಸಲ್ಲಿಸಬೇಕು. ಪಾವಗಡ ಪಟ್ಟಣದ ಡಾ.ಬಿ.ಆರ್. ಅಂಬೇಡ್ಕರ್ ಸರ್ಕಾರಿ ಮೆಟ್ರಿಕ್ ಪೂರ್ವ ಬಾಲಕರ ವಿದ್ಯಾರ್ಥಿನಿಲಯ–1, ಡಾ. ಬಿ.ಆರ್. ಅಂಬೇಡ್ಕರ್ ಸರ್ಕಾರಿ ಮೆಟ್ರಿಕ್ ಪೂರ್ವ ಬಾಲಕರ ವಿದ್ಯಾರ್ಥಿನಿಲಯ–2, ಡಾ. ಬಿ.ಆರ್. ಅಂಬೇಡ್ಕರ್ ಸರ್ಕಾರಿ ಮೆಟ್ರಿಕ್ ಪೂರ್ವ ಬಾಲಕಿಯರ ವಿದ್ಯಾರ್ಥಿನಿಲಯ–1, ಡಾ. ಬಿ.ಆರ್.
ಅಂಬೇಡ್ಕರ್ ಸರ್ಕಾರಿ ಪದವಿ ಪೂರ್ವ ಬಾಲಕರ ವಿದ್ಯಾರ್ಥಿನಿಲಯ, ಡಾ. ಬಿ.ಆರ್. ಅಂಬೇಡ್ಕರ್ ಸರ್ಕಾರಿ ಮೆಟ್ರಿಕ್ ನಂತರದ ಬಾಲಕರ ವಿದ್ಯಾರ್ಥಿನಿಲಯ, ಡಾ. ಬಿ.ಆರ್. ಅಂಬೇಡ್ಕರ್ ಸರ್ಕಾರಿ ಮೆಟ್ರಿಕ್ ನಂತರದ ಬಾಲಕರ ವಿದ್ಯಾರ್ಥಿನಿಲಯ–2 (ಹೊಸದು), ಡಾ. ಬಿ.ಆರ್. ಅಂಬೇಡ್ಕರ್ ಸರ್ಕಾರಿ ಮೆಟ್ರಿಕ್ ನಂತರದ ಬಾಲಕಿಯರ ವಿದ್ಯಾರ್ಥಿನಿಲಯ–1 ಮತ್ತು 2; ವೈ.ಎನ್. ಹೊಸಕೋಟೆ, ಎಸ್.ಆರ್.ಪಾಳ್ಯ, ವಳ್ಳೂರು, ತಿರುಮಣಿಯಲ್ಲಿರುವ ಡಾ. ಬಿ.ಆರ್. ಅಂಬೇಡ್ಕರ್ ಸರ್ಕಾರಿ ಮೆಟ್ರಿಕ್ ಪೂರ್ವ ಬಾಲಕರ ವಿದ್ಯಾರ್ಥಿನಿಲಯಗಳ ಪ್ರವೇಶಕ್ಕಾಗಿ ವಿದ್ಯಾರ್ಥಿಗಳು ಅರ್ಜಿ ಸಲ್ಲಿಸಬಹುದಾಗಿದೆ ಎಂದು ಪಾವಗಡ ತಾಲ್ಲೂಕು ಸಮಾಜ ಕಲ್ಯಾಣ ಇಲಾಖೆ ಸಹಾಯಕ ನಿರ್ದೇಶಕರು ಪ್ರಕಟಣೆಯಲ್ಲಿ ತಿಳಿಸಿದ್ದಾರೆ.
ಪ್ರಕಾಶಕರು, ಮಾಲೀಕರು, ಮುದ್ರಕರು, ಸಂಪಾದಕರು : ಗಂಗಹನುಮಯ್ಯ. ಮುದ್ರಣ : ಶ್ರೀ ಮಾರುತಿ ಆಫ್‌ಸೆಟ್ ಪ್ರಿಂಟರ್ಸ್, ವಿ.ಆರ್.ಕಾಲೋನಿ, ಬೆಳಗುಂಬ ರಸ್ತೆ, ತುಮಕೂರು. ಫೋನ್ : 0816–2275777, ಮೊಬೈಲ್ : 9845213604, 9448769806
Publisher, Owner, Printer, Editor: Gangahanumaiah. Printed at: Maruthi Offset Printers, V.R.Colony, Belagumba Road, Tumakuru. PH: 0816-2275777, Mob:9845213604, 9448769806
